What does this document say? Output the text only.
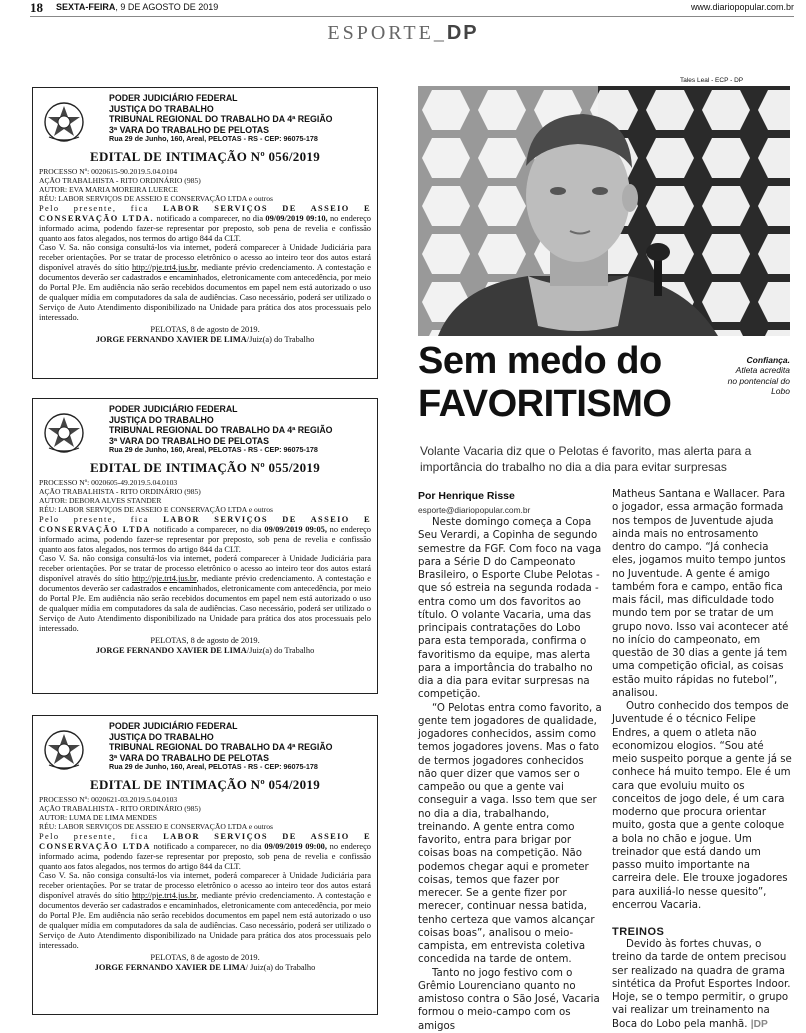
18 SEXTA-FEIRA, 9 DE AGOSTO DE 2019	www.diariopopular.com.br
ESPORTE_DP
PODER JUDICIÁRIO FEDERAL
JUSTIÇA DO TRABALHO
TRIBUNAL REGIONAL DO TRABALHO DA 4ª REGIÃO
3ª VARA DO TRABALHO DE PELOTAS
Rua 29 de Junho, 160, Areal, PELOTAS - RS - CEP: 96075-178
EDITAL DE INTIMAÇÃO Nº 056/2019
PROCESSO Nº: 0020615-90.2019.5.04.0104
AÇÃO TRABALHISTA - RITO ORDINÁRIO (985)
AUTOR: EVA MARIA MOREIRA LUERCE
RÉU: LABOR SERVIÇOS DE ASSEIO E CONSERVAÇÃO LTDA e outros
Pelo presente, fica LABOR SERVIÇOS DE ASSEIO E CONSERVAÇÃO LTDA. notificado a comparecer, no dia 09/09/2019 09:10, no endereço informado acima, podendo fazer-se representar por preposto, sob pena de revelia e confissão quanto aos fatos alegados, nos termos do artigo 844 da CLT.
Caso V. Sa. não consiga consultá-los via internet, poderá comparecer à Unidade Judiciária para receber orientações. Por se tratar de processo eletrônico o acesso ao inteiro teor dos autos estará disponível através do sítio http://pje.trt4.jus.br, mediante prévio credenciamento. A contestação e documentos deverão ser cadastrados e encaminhados, eletronicamente com antecedência, por meio do Portal PJe. Em audiência não serão recebidos documentos em papel nem está autorizado o uso de qualquer mídia em computadores da sala de audiências. Caso necessário, poderá ser utilizado o Serviço de Auto Atendimento disponibilizado na Unidade para prática dos atos processuais pelo interessado.
PELOTAS, 8 de agosto de 2019.
JORGE FERNANDO XAVIER DE LIMA/Juiz(a) do Trabalho
PODER JUDICIÁRIO FEDERAL
JUSTIÇA DO TRABALHO
TRIBUNAL REGIONAL DO TRABALHO DA 4ª REGIÃO
3ª VARA DO TRABALHO DE PELOTAS
Rua 29 de Junho, 160, Areal, PELOTAS - RS - CEP: 96075-178
EDITAL DE INTIMAÇÃO Nº 055/2019
PROCESSO Nº: 0020605-49.2019.5.04.0103
AÇÃO TRABALHISTA - RITO ORDINÁRIO (985)
AUTOR: DEBORA ALVES STANDER
RÉU: LABOR SERVIÇOS DE ASSEIO E CONSERVAÇÃO LTDA e outros
Pelo presente, fica LABOR SERVIÇOS DE ASSEIO E CONSERVAÇÃO LTDA notificado a comparecer, no dia 09/09/2019 09:05, no endereço informado acima, podendo fazer-se representar por preposto, sob pena de revelia e confissão quanto aos fatos alegados, nos termos do artigo 844 da CLT.
Caso V. Sa. não consiga consultá-los via internet, poderá comparecer à Unidade Judiciária para receber orientações. Por se tratar de processo eletrônico o acesso ao inteiro teor dos autos estará disponível através do sítio http://pje.trt4.jus.br, mediante prévio credenciamento. A contestação e documentos deverão ser cadastrados e encaminhados, eletronicamente com antecedência, por meio do Portal PJe. Em audiência não serão recebidos documentos em papel nem está autorizado o uso de qualquer mídia em computadores da sala de audiências. Caso necessário, poderá ser utilizado o Serviço de Auto Atendimento disponibilizado na Unidade para prática dos atos processuais pelo interessado.
PELOTAS, 8 de agosto de 2019.
JORGE FERNANDO XAVIER DE LIMA/Juiz(a) do Trabalho
PODER JUDICIÁRIO FEDERAL
JUSTIÇA DO TRABALHO
TRIBUNAL REGIONAL DO TRABALHO DA 4ª REGIÃO
3ª VARA DO TRABALHO DE PELOTAS
Rua 29 de Junho, 160, Areal, PELOTAS - RS - CEP: 96075-178
EDITAL DE INTIMAÇÃO Nº 054/2019
PROCESSO Nº: 0020621-03.2019.5.04.0103
AÇÃO TRABALHISTA - RITO ORDINÁRIO (985)
AUTOR: LUMA DE LIMA MENDES
RÉU: LABOR SERVIÇOS DE ASSEIO E CONSERVAÇÃO LTDA e outros
Pelo presente, fica LABOR SERVIÇOS DE ASSEIO E CONSERVAÇÃO LTDA notificado a comparecer, no dia 09/09/2019 09:00, no endereço informado acima, podendo fazer-se representar por preposto, sob pena de revelia e confissão quanto aos fatos alegados, nos termos do artigo 844 da CLT.
Caso V. Sa. não consiga consultá-los via internet, poderá comparecer à Unidade Judiciária para receber orientações. Por se tratar de processo eletrônico o acesso ao inteiro teor dos autos estará disponível através do sítio http://pje.trt4.jus.br, mediante prévio credenciamento. A contestação e documentos deverão ser cadastrados e encaminhados, eletronicamente com antecedência, por meio do Portal PJe. Em audiência não serão recebidos documentos em papel nem está autorizado o uso de qualquer mídia em computadores da sala de audiências. Caso necessário, poderá ser utilizado o Serviço de Auto Atendimento disponibilizado na Unidade para prática dos atos processuais pelo interessado.
PELOTAS, 8 de agosto de 2019.
JORGE FERNANDO XAVIER DE LIMA/ Juiz(a) do Trabalho
Tales Leal - ECP - DP
Sem medo do
FAVORITISMO
Confiança. Atleta acredita no pontencial do Lobo
Volante Vacaria diz que o Pelotas é favorito, mas alerta para a importância do trabalho no dia a dia para evitar surpresas
Por Henrique Risse
esporte@diariopopular.com.br

Neste domingo começa a Copa Seu Verardi, a Copinha de segundo semestre da FGF. Com foco na vaga para a Série D do Campeonato Brasileiro, o Esporte Clube Pelotas - que só estreia na segunda rodada - entra como um dos favoritos ao título. O volante Vacaria, uma das principais contratações do Lobo para esta temporada, confirma o favoritismo da equipe, mas alerta para a importância do trabalho no dia a dia para evitar surpresas na competição.

“O Pelotas entra como favorito, a gente tem jogadores de qualidade, jogadores conhecidos, assim como temos jogadores jovens. Mas o fato de termos jogadores conhecidos não quer dizer que vamos ser o campeão ou que a gente vai conseguir a vaga. Isso tem que ser no dia a dia, trabalhando, treinando. A gente entra como favorito, entra para brigar por coisas boas na competição. Não podemos chegar aqui e prometer coisas, temos que fazer por merecer. Se a gente fizer por merecer, continuar nessa batida, tenho certeza que vamos alcançar coisas boas”, analisou o meio-campista, em entrevista coletiva concedida na tarde de ontem.

Tanto no jogo festivo com o Grêmio Lourenciano quanto no amistoso contra o São José, Vacaria formou o meio-campo com os amigos

Matheus Santana e Wallacer. Para o jogador, essa armação formada nos tempos de Juventude ajuda ainda mais no entrosamento dentro do campo. “Já conhecia eles, jogamos muito tempo juntos no Juventude. A gente é amigo também fora e campo, então fica mais fácil, mas dificuldade todo mundo tem por se tratar de um grupo novo. Isso vai acontecer até no início do campeonato, em questão de 30 dias a gente já tem uma competição oficial, as coisas estão muito rápidas no futebol”, analisou.

Outro conhecido dos tempos de Juventude é o técnico Felipe Endres, a quem o atleta não economizou elogios. “Sou até meio suspeito porque a gente já se conhece há muito tempo. Ele é um cara que evoluiu muito os conceitos de jogo dele, é um cara moderno que procura orientar muito, gosta que a gente coloque a bola no chão e jogue. Um treinador que está dando um passo muito importante na carreira dele. Ele trouxe jogadores para auxiliá-lo nesse quesito”, encerrou Vacaria.

TREINOS

Devido às fortes chuvas, o treino da tarde de ontem precisou ser realizado na quadra de grama sintética da Profut Esportes Indoor. Hoje, se o tempo permitir, o grupo vai realizar um treinamento na Boca do Lobo pela manhã. |DP
